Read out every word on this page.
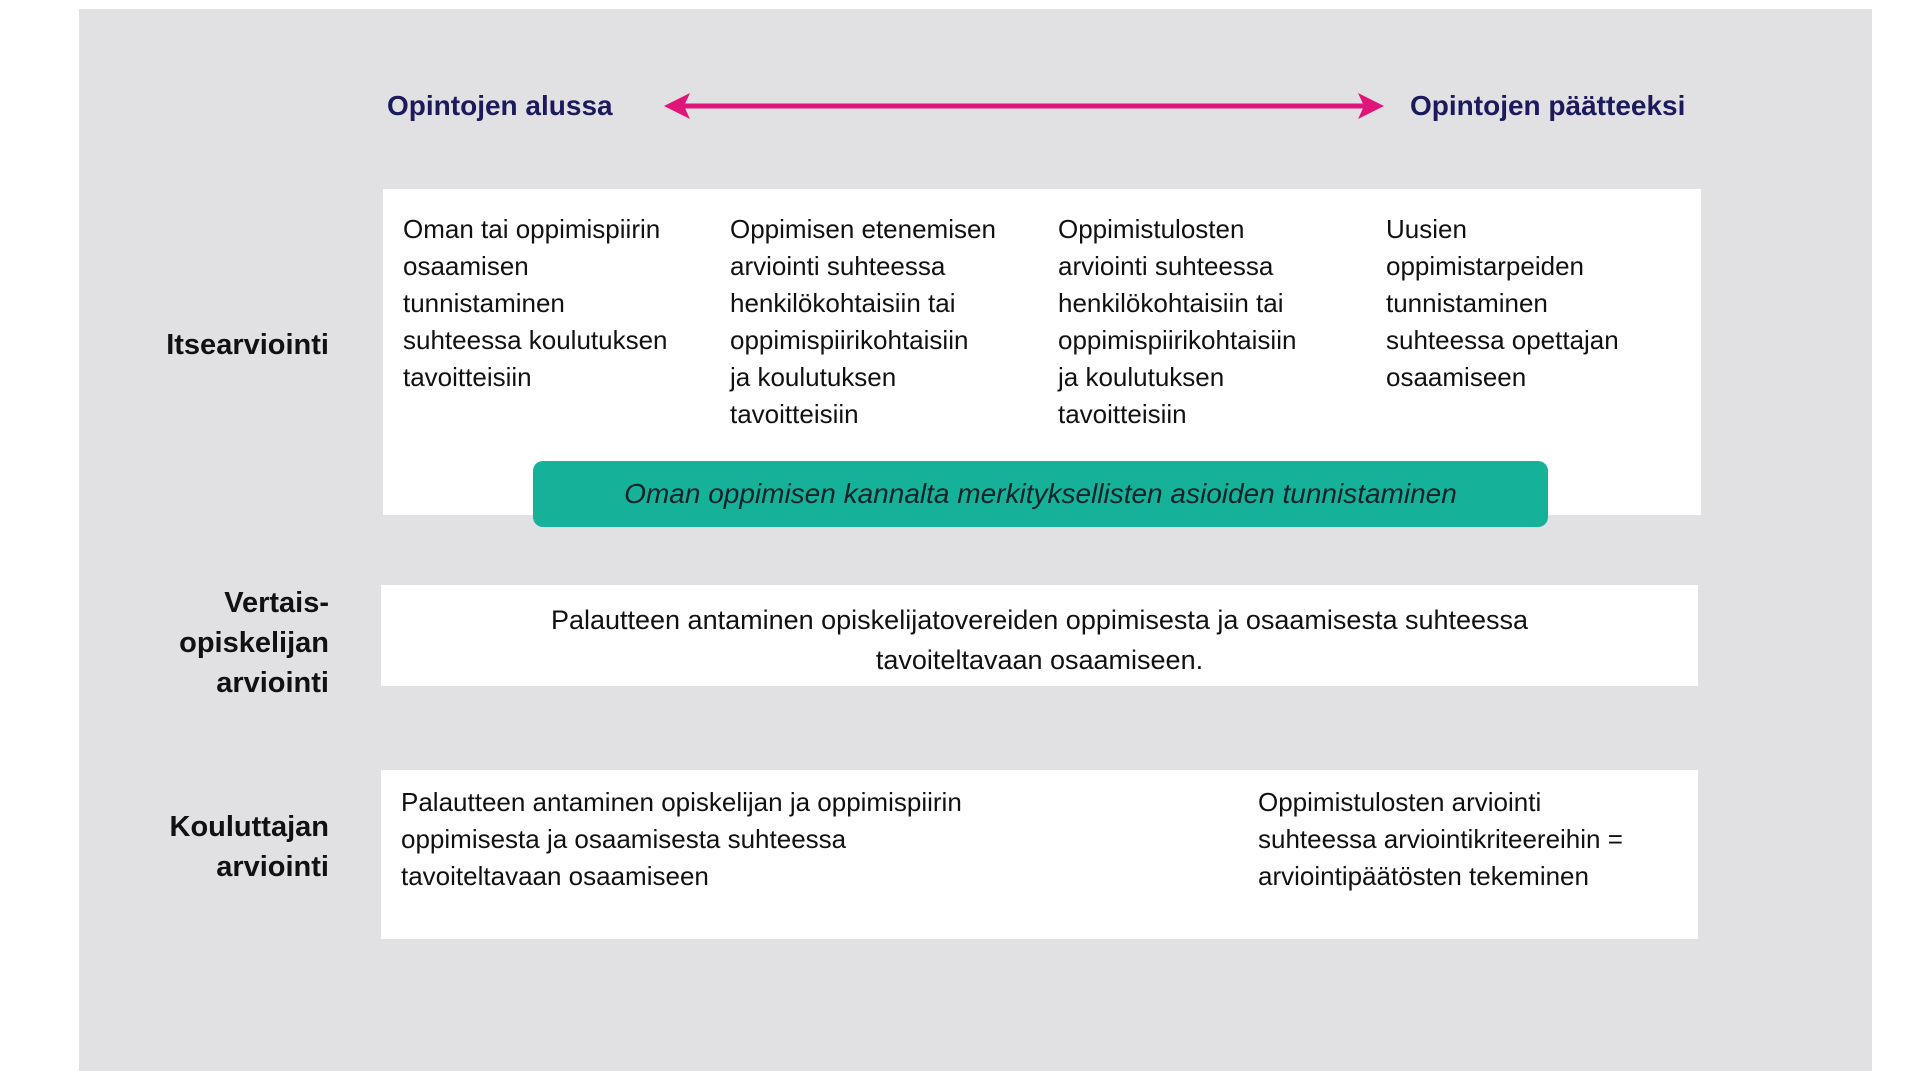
Opintojen alussa	Opintojen päätteeksi
Itsearviointi
Oman tai oppimispiirin
osaamisen
tunnistaminen
suhteessa koulutuksen
tavoitteisiin
Oppimisen etenemisen
arviointi suhteessa
henkilökohtaisiin tai
oppimispiirikohtaisiin
ja koulutuksen
tavoitteisiin
Oppimistulosten
arviointi suhteessa
henkilökohtaisiin tai
oppimispiirikohtaisiin
ja koulutuksen
tavoitteisiin
Uusien
oppimistarpeiden
tunnistaminen
suhteessa opettajan
osaamiseen
Oman oppimisen kannalta merkityksellisten asioiden tunnistaminen
Vertais-
opiskelijan
arviointi
Palautteen antaminen opiskelijatovereiden oppimisesta ja osaamisesta suhteessa
tavoiteltavaan osaamiseen.
Kouluttajan
arviointi
Palautteen antaminen opiskelijan ja oppimispiirin
oppimisesta ja osaamisesta suhteessa
tavoiteltavaan osaamiseen
Oppimistulosten arviointi
suhteessa arviointikriteereihin =
arviointipäätösten tekeminen
